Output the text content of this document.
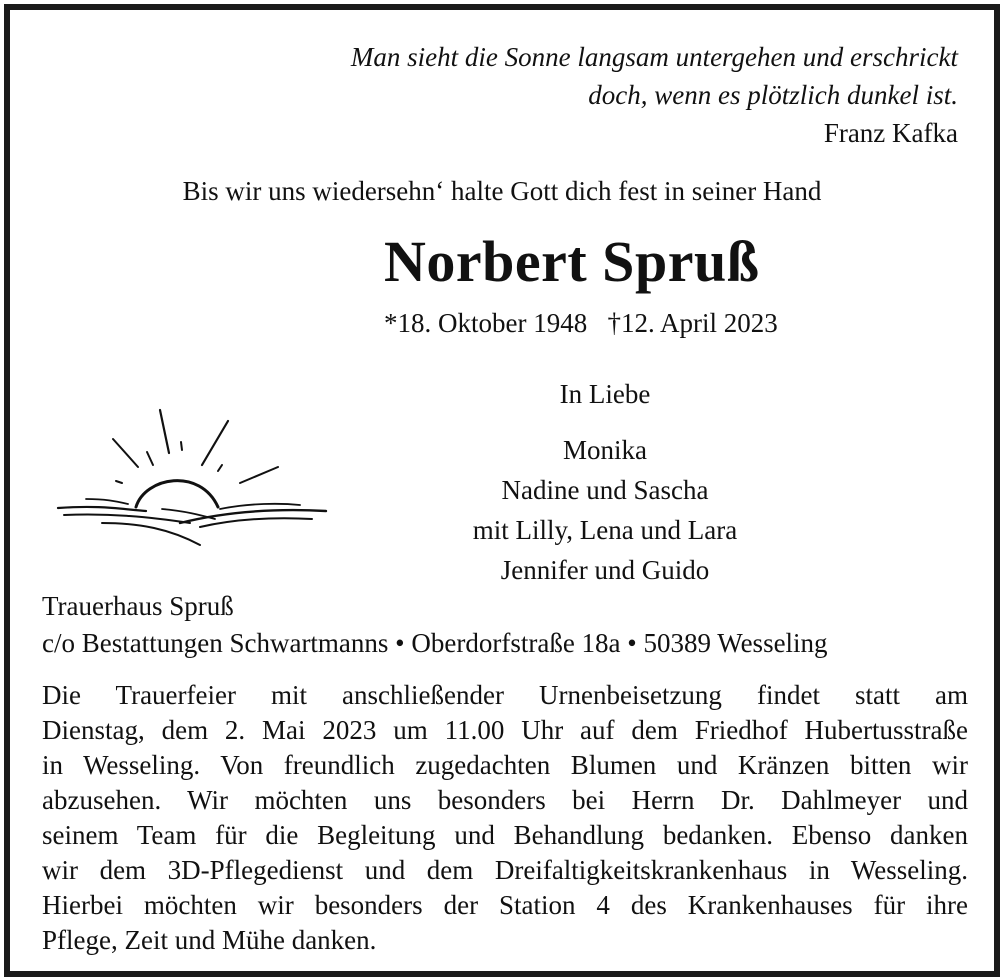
Man sieht die Sonne langsam untergehen und erschrickt
doch, wenn es plötzlich dunkel ist.
Franz Kafka
Bis wir uns wiedersehn‘ halte Gott dich fest in seiner Hand
Norbert Spruß
*18. Oktober 1948 †12. April 2023
In Liebe
Monika
Nadine und Sascha
mit Lilly, Lena und Lara
Jennifer und Guido
Trauerhaus Spruß
c/o Bestattungen Schwartmanns • Oberdorfstraße 18a • 50389 Wesseling
Die Trauerfeier mit anschließender Urnenbeisetzung findet statt am
Dienstag, dem 2. Mai 2023 um 11.00 Uhr auf dem Friedhof Hubertusstraße
in Wesseling. Von freundlich zugedachten Blumen und Kränzen bitten wir
abzusehen. Wir möchten uns besonders bei Herrn Dr. Dahlmeyer und
seinem Team für die Begleitung und Behandlung bedanken. Ebenso danken
wir dem 3D-Pflegedienst und dem Dreifaltigkeitskrankenhaus in Wesseling.
Hierbei möchten wir besonders der Station 4 des Krankenhauses für ihre
Pflege, Zeit und Mühe danken.
